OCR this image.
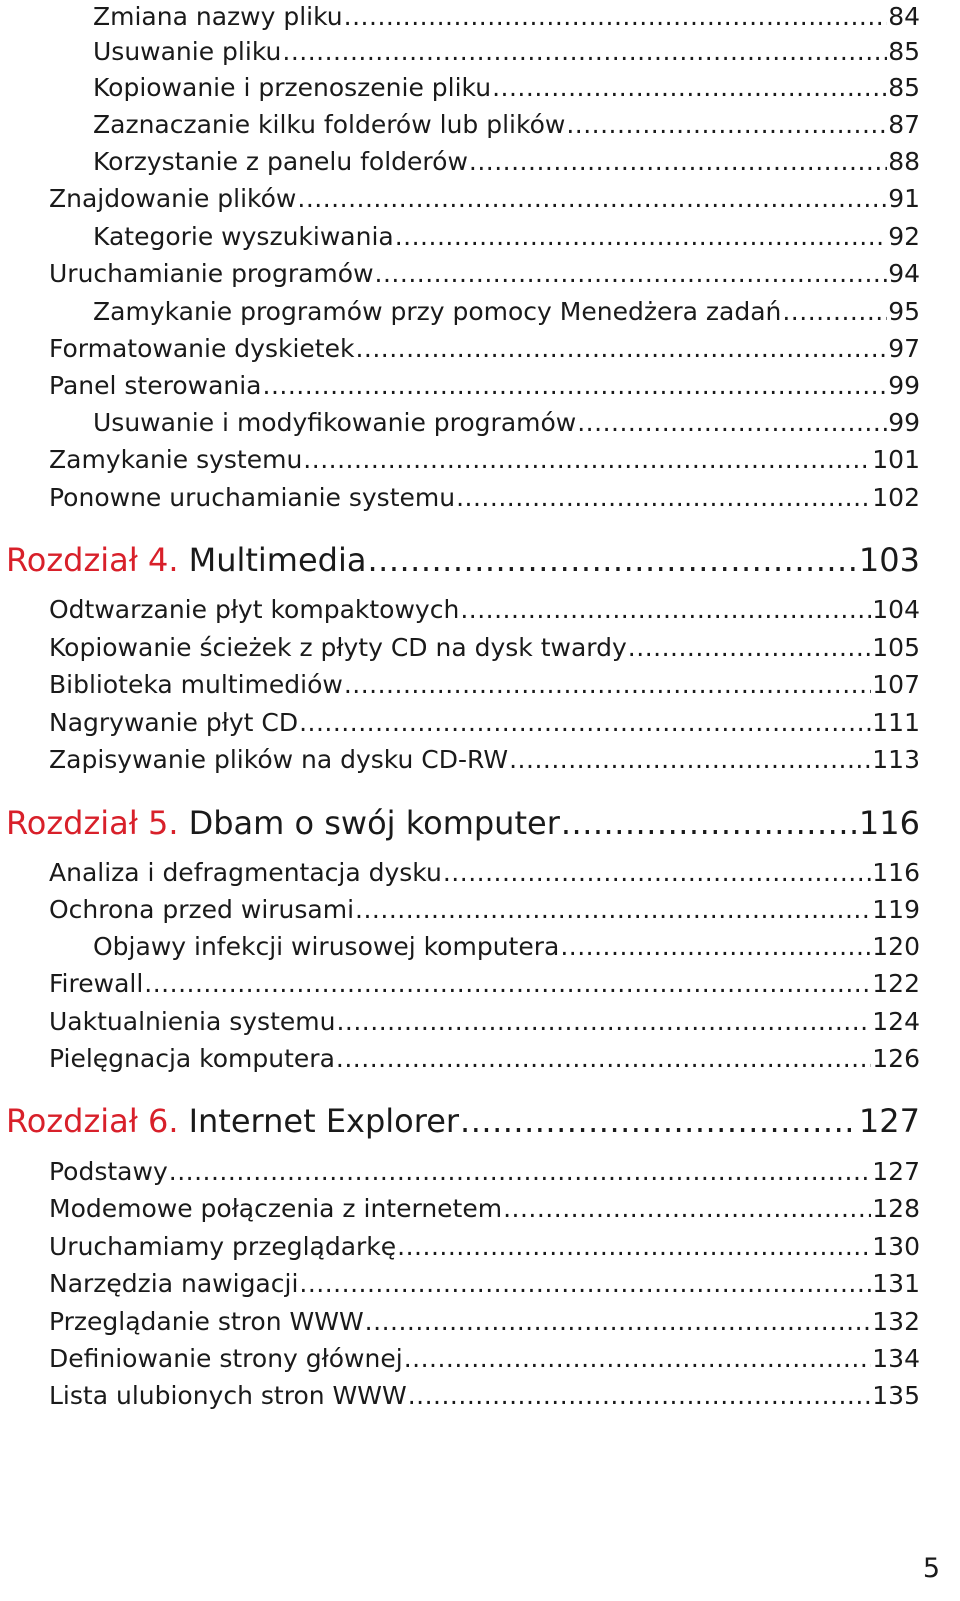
Zmiana nazwy pliku .....	84
Usuwanie pliku .....	85
Kopiowanie i przenoszenie pliku .....	85
Zaznaczanie kilku folderów lub plików .....	87
Korzystanie z panelu folderów .....	88
Znajdowanie plików .....	91
Kategorie wyszukiwania .....	92
Uruchamianie programów .....	94
Zamykanie programów przy pomocy Menedżera zadań .....	95
Formatowanie dyskietek .....	97
Panel sterowania .....	99
Usuwanie i modyfikowanie programów .....	99
Zamykanie systemu .....	101
Ponowne uruchamianie systemu .....	102
Rozdział 4. Multimedia .....	103
Odtwarzanie płyt kompaktowych .....	104
Kopiowanie ścieżek z płyty CD na dysk twardy .....	105
Biblioteka multimediów .....	107
Nagrywanie płyt CD .....	111
Zapisywanie plików na dysku CD-RW .....	113
Rozdział 5. Dbam o swój komputer .....	116
Analiza i defragmentacja dysku .....	116
Ochrona przed wirusami .....	119
Objawy infekcji wirusowej komputera .....	120
Firewall .....	122
Uaktualnienia systemu .....	124
Pielęgnacja komputera .....	126
Rozdział 6. Internet Explorer .....	127
Podstawy .....	127
Modemowe połączenia z internetem .....	128
Uruchamiamy przeglądarkę .....	130
Narzędzia nawigacji .....	131
Przeglądanie stron WWW .....	132
Definiowanie strony głównej .....	134
Lista ulubionych stron WWW .....	135
5
